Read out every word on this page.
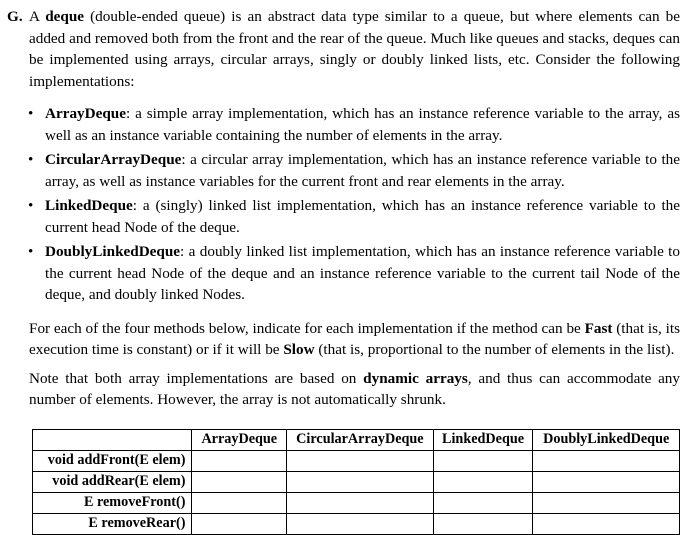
G. A deque (double-ended queue) is an abstract data type similar to a queue, but where elements can be added and removed both from the front and the rear of the queue. Much like queues and stacks, deques can be implemented using arrays, circular arrays, singly or doubly linked lists, etc. Consider the following implementations:
• ArrayDeque: a simple array implementation, which has an instance reference variable to the array, as well as an instance variable containing the number of elements in the array.
• CircularArrayDeque: a circular array implementation, which has an instance reference variable to the array, as well as instance variables for the current front and rear elements in the array.
• LinkedDeque: a (singly) linked list implementation, which has an instance reference variable to the current head Node of the deque.
• DoublyLinkedDeque: a doubly linked list implementation, which has an instance reference variable to the current head Node of the deque and an instance reference variable to the current tail Node of the deque, and doubly linked Nodes.

For each of the four methods below, indicate for each implementation if the method can be Fast (that is, its execution time is constant) or if it will be Slow (that is, proportional to the number of elements in the list).

Note that both array implementations are based on dynamic arrays, and thus can accommodate any number of elements. However, the array is not automatically shrunk.

	ArrayDeque	CircularArrayDeque	LinkedDeque	DoublyLinkedDeque
void addFront(E elem)				
void addRear(E elem)				
E removeFront()				
E removeRear()				
